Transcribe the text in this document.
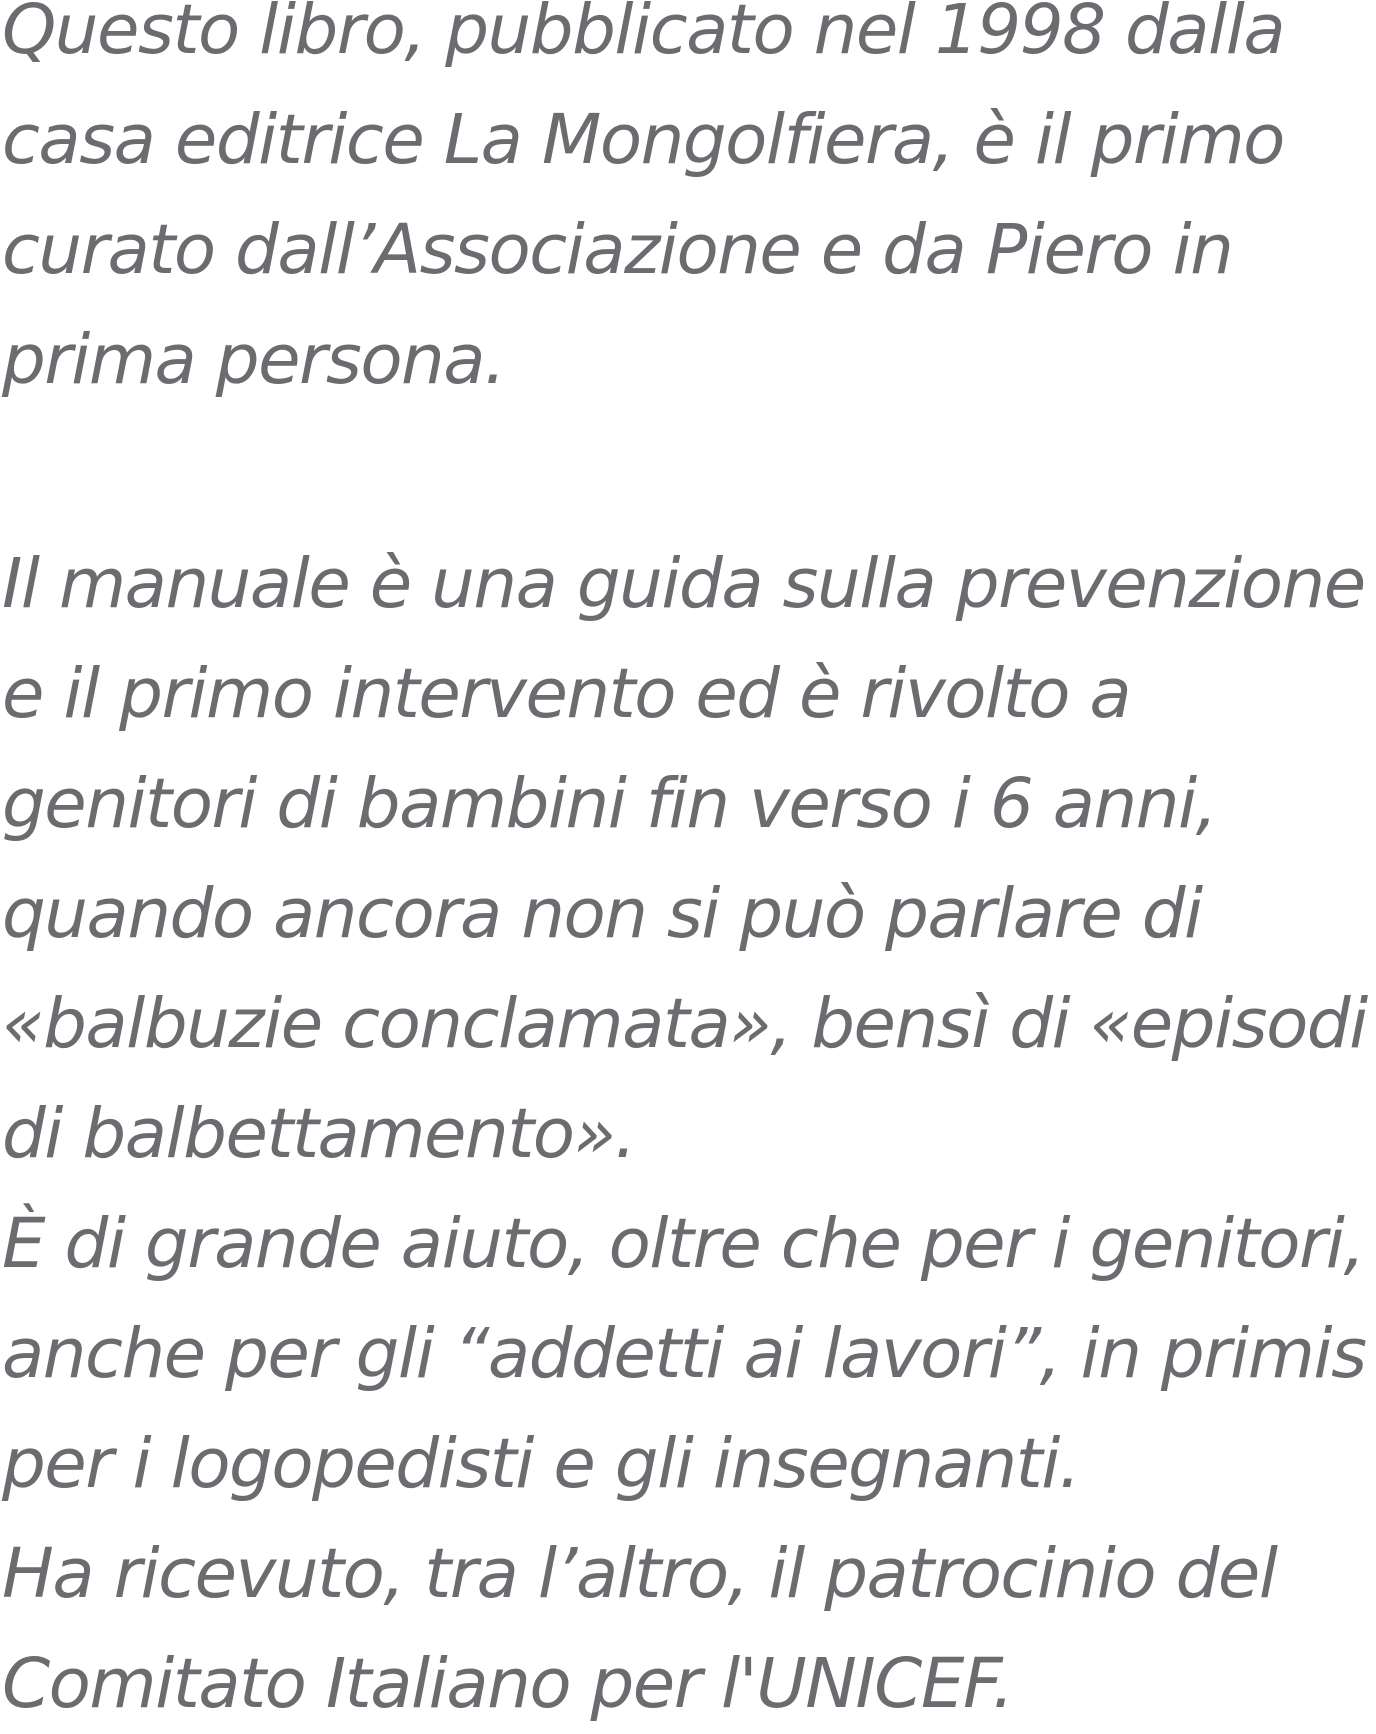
Questo libro, pubblicato nel 1998 dalla
casa editrice La Mongolfiera, è il primo
curato dall’Associazione e da Piero in
prima persona.
Il manuale è una guida sulla prevenzione
e il primo intervento ed è rivolto a
genitori di bambini fin verso i 6 anni,
quando ancora non si può parlare di
«balbuzie conclamata», bensì di «episodi
di balbettamento».
È di grande aiuto, oltre che per i genitori,
anche per gli “addetti ai lavori”, in primis
per i logopedisti e gli insegnanti.
Ha ricevuto, tra l’altro, il patrocinio del
Comitato Italiano per l'UNICEF.
